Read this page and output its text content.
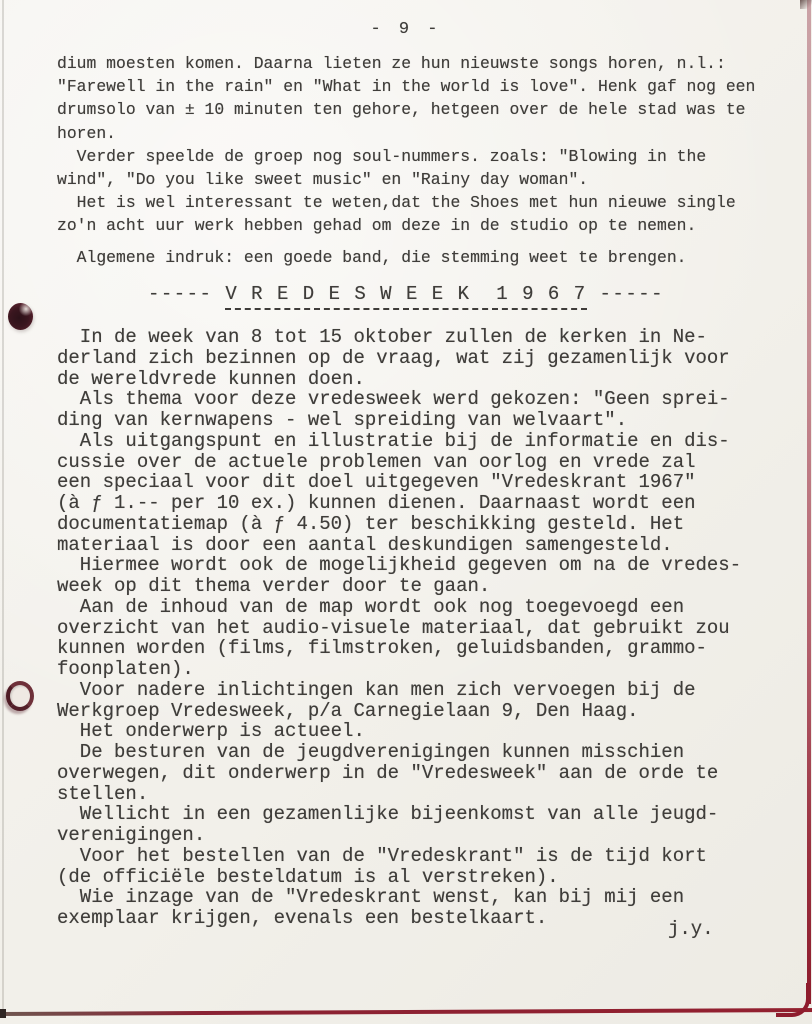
- 9 -
dium moesten komen. Daarna lieten ze hun nieuwste songs horen, n.l.:
"Farewell in the rain" en "What in the world is love". Henk gaf nog een
drumsolo van ± 10 minuten ten gehore, hetgeen over de hele stad was te
horen.
Verder speelde de groep nog soul-nummers. zoals: "Blowing in the
wind", "Do you like sweet music" en "Rainy day woman".
Het is wel interessant te weten,dat the Shoes met hun nieuwe single
zo'n acht uur werk hebben gehad om deze in de studio op te nemen.
Algemene indruk: een goede band, die stemming weet te brengen.
----- V R E D E S W E E K  1 9 6 7 -----
In de week van 8 tot 15 oktober zullen de kerken in Ne-
derland zich bezinnen op de vraag, wat zij gezamenlijk voor
de wereldvrede kunnen doen.
Als thema voor deze vredesweek werd gekozen: "Geen sprei-
ding van kernwapens - wel spreiding van welvaart".
Als uitgangspunt en illustratie bij de informatie en dis-
cussie over de actuele problemen van oorlog en vrede zal
een speciaal voor dit doel uitgegeven "Vredeskrant 1967"
(à ƒ 1.-- per 10 ex.) kunnen dienen. Daarnaast wordt een
documentatiemap (à ƒ 4.50) ter beschikking gesteld. Het
materiaal is door een aantal deskundigen samengesteld.
Hiermee wordt ook de mogelijkheid gegeven om na de vredes-
week op dit thema verder door te gaan.
Aan de inhoud van de map wordt ook nog toegevoegd een
overzicht van het audio-visuele materiaal, dat gebruikt zou
kunnen worden (films, filmstroken, geluidsbanden, grammo-
foonplaten).
Voor nadere inlichtingen kan men zich vervoegen bij de
Werkgroep Vredesweek, p/a Carnegielaan 9, Den Haag.
Het onderwerp is actueel.
De besturen van de jeugdverenigingen kunnen misschien
overwegen, dit onderwerp in de "Vredesweek" aan de orde te
stellen.
Wellicht in een gezamenlijke bijeenkomst van alle jeugd-
verenigingen.
Voor het bestellen van de "Vredeskrant" is de tijd kort
(de officiële besteldatum is al verstreken).
Wie inzage van de "Vredeskrant wenst, kan bij mij een
exemplaar krijgen, evenals een bestelkaart.	j.y.
